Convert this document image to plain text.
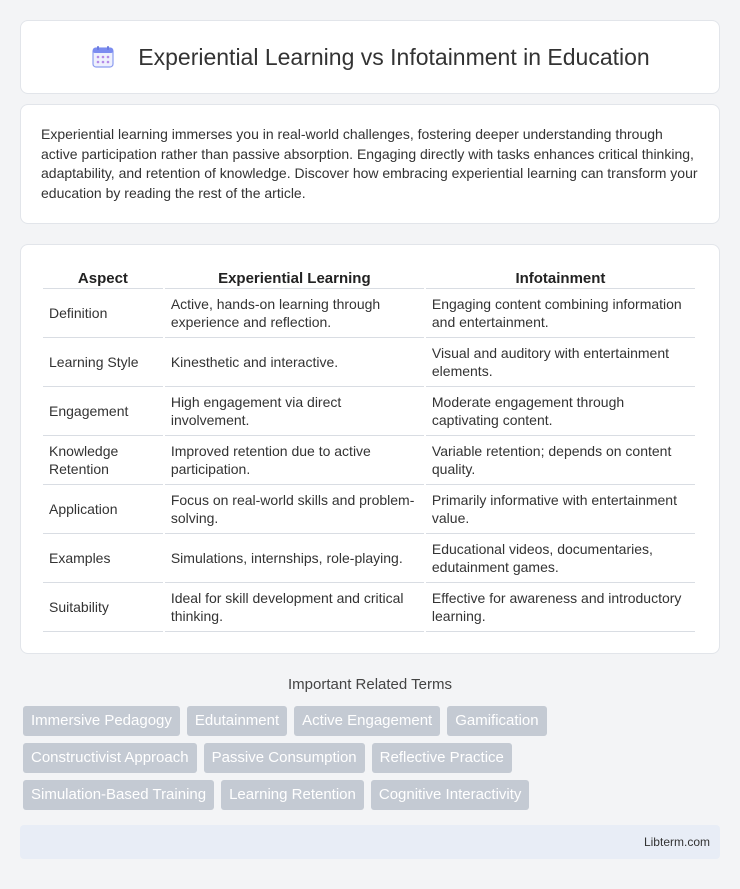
Experiential Learning vs Infotainment in Education

Experiential learning immerses you in real-world challenges, fostering deeper understanding through active participation rather than passive absorption. Engaging directly with tasks enhances critical thinking, adaptability, and retention of knowledge. Discover how embracing experiential learning can transform your education by reading the rest of the article.

Aspect	Experiential Learning	Infotainment
Definition	Active, hands-on learning through experience and reflection.	Engaging content combining information and entertainment.
Learning Style	Kinesthetic and interactive.	Visual and auditory with entertainment elements.
Engagement	High engagement via direct involvement.	Moderate engagement through captivating content.
Knowledge Retention	Improved retention due to active participation.	Variable retention; depends on content quality.
Application	Focus on real-world skills and problem-solving.	Primarily informative with entertainment value.
Examples	Simulations, internships, role-playing.	Educational videos, documentaries, edutainment games.
Suitability	Ideal for skill development and critical thinking.	Effective for awareness and introductory learning.
Important Related Terms
Immersive Pedagogy	Edutainment	Active Engagement	Gamification
Constructivist Approach	Passive Consumption	Reflective Practice
Simulation-Based Training	Learning Retention	Cognitive Interactivity
Libterm.com
